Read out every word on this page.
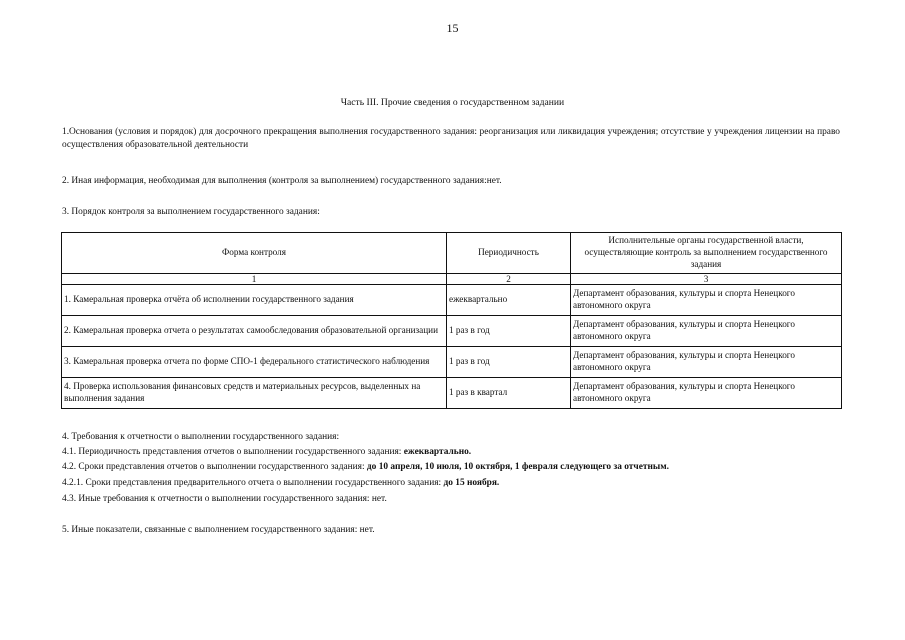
15
Часть III. Прочие сведения о государственном задании
1.Основания (условия и порядок) для досрочного прекращения выполнения государственного задания: реорганизация или ликвидация учреждения; отсутствие у учреждения лицензии на право осуществления образовательной деятельности
2. Иная информация, необходимая для выполнения (контроля за выполнением) государственного задания:нет.
3. Порядок контроля за выполнением государственного задания:
Форма контроля	Периодичность	Исполнительные органы государственной власти, осуществляющие контроль за выполнением государственного задания
1	2	3
1. Камеральная проверка отчёта об исполнении государственного задания	ежеквартально	Департамент образования, культуры и спорта Ненецкого автономного округа
2. Камеральная проверка отчета о результатах самообследования образовательной организации	1 раз в год	Департамент образования, культуры и спорта Ненецкого автономного округа
3. Камеральная проверка отчета по форме СПО-1 федерального статистического наблюдения	1 раз в год	Департамент образования, культуры и спорта Ненецкого автономного округа
4. Проверка использования финансовых средств и материальных ресурсов, выделенных на выполнения задания	1 раз в квартал	Департамент образования, культуры и спорта Ненецкого автономного округа
4. Требования к отчетности о выполнении государственного задания:
4.1. Периодичность представления отчетов о выполнении государственного задания: ежеквартально.
4.2. Сроки представления отчетов о выполнении государственного задания: до 10 апреля, 10 июля, 10 октября, 1 февраля следующего за отчетным.
4.2.1. Сроки представления предварительного отчета о выполнении государственного задания: до 15 ноября.
4.3. Иные требования к отчетности о выполнении государственного задания: нет.
5. Иные показатели, связанные с выполнением государственного задания: нет.
